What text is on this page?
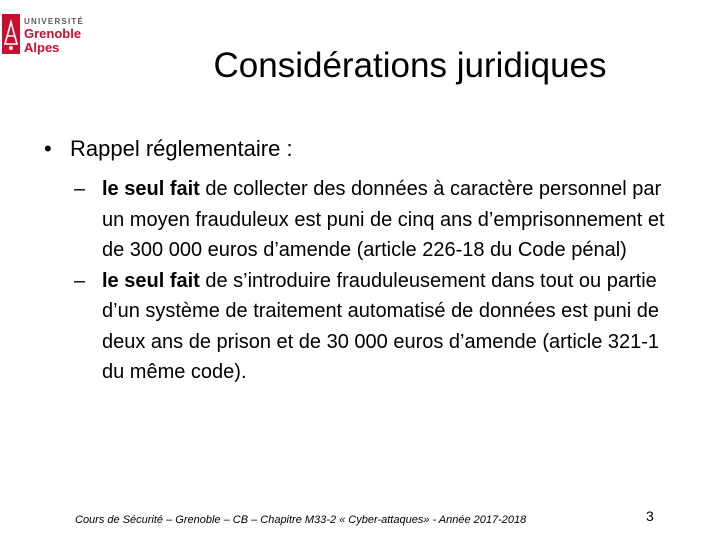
UNIVERSITÉ
Grenoble
Alpes	Considérations juridiques
• Rappel réglementaire :
– le seul fait de collecter des données à caractère personnel par un moyen frauduleux est puni de cinq ans d’emprisonnement et de 300 000 euros d’amende (article 226-18 du Code pénal)
– le seul fait de s’introduire frauduleusement dans tout ou partie d’un système de traitement automatisé de données est puni de deux ans de prison et de 30 000 euros d’amende (article 321-1 du même code).
Cours de Sécurité – Grenoble – CB – Chapitre M33-2 « Cyber-attaques» - Année 2017-2018	3
